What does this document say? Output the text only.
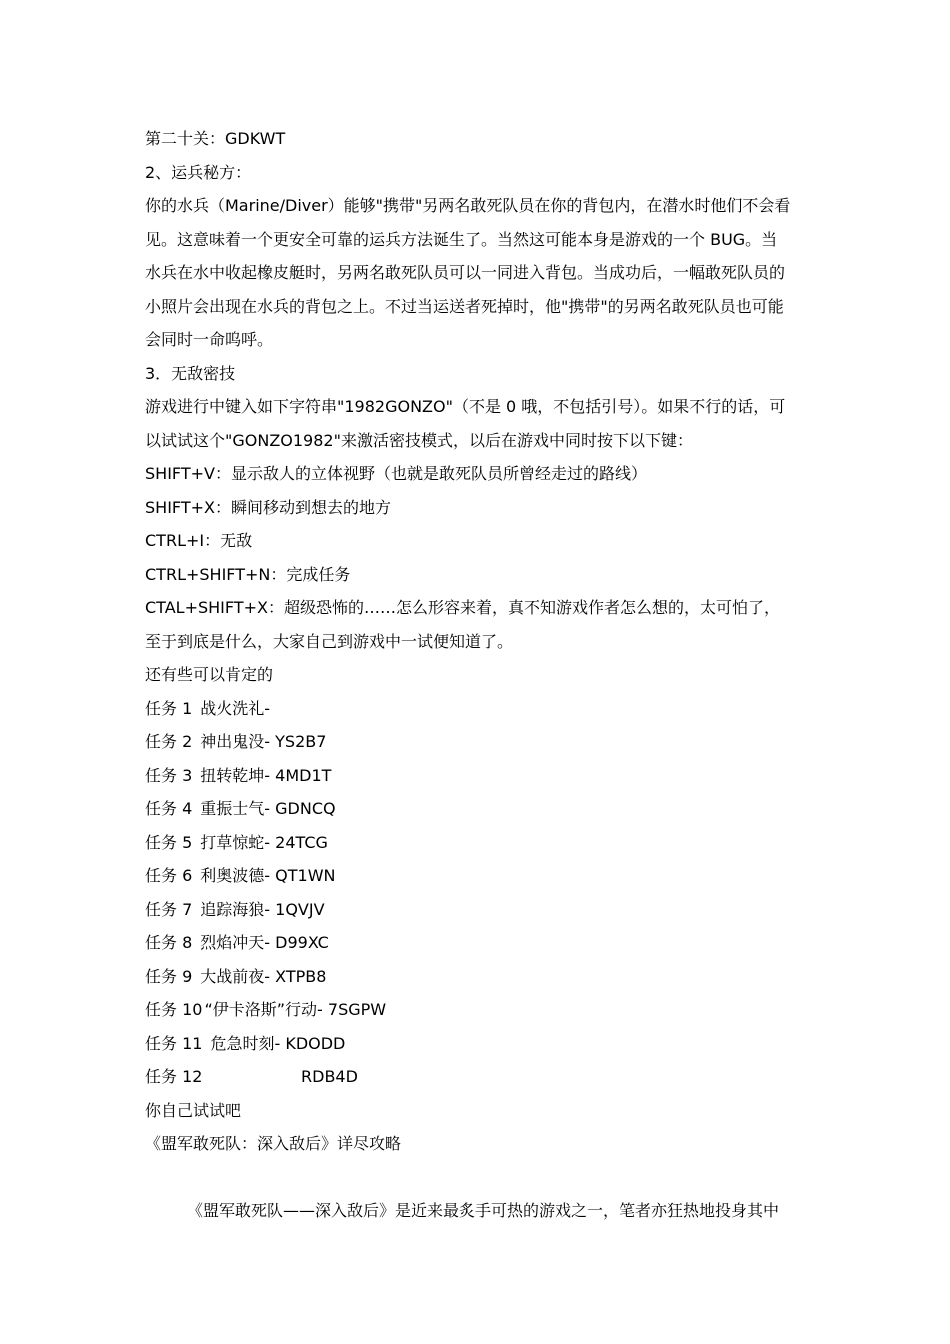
第二十关：GDKWT
2、运兵秘方：
你的水兵（Marine/Diver）能够"携带"另两名敢死队员在你的背包内，在潜水时他们不会看
见。这意味着一个更安全可靠的运兵方法诞生了。当然这可能本身是游戏的一个 BUG。当
水兵在水中收起橡皮艇时，另两名敢死队员可以一同进入背包。当成功后，一幅敢死队员的
小照片会出现在水兵的背包之上。不过当运送者死掉时，他"携带"的另两名敢死队员也可能
会同时一命呜呼。
3．无敌密技
游戏进行中键入如下字符串"1982GONZO"（不是 0 哦，不包括引号）。如果不行的话，可
以试试这个"GONZO1982"来激活密技模式，以后在游戏中同时按下以下键：
SHIFT+V：显示敌人的立体视野（也就是敢死队员所曾经走过的路线）
SHIFT+X：瞬间移动到想去的地方
CTRL+I：无敌
CTRL+SHIFT+N：完成任务
CTAL+SHIFT+X：超级恐怖的……怎么形容来着，真不知游戏作者怎么想的，太可怕了，
至于到底是什么，大家自己到游戏中一试便知道了。
还有些可以肯定的
任务 1 战火洗礼-
任务 2 神出鬼没- YS2B7
任务 3 扭转乾坤- 4MD1T
任务 4 重振士气- GDNCQ
任务 5 打草惊蛇- 24TCG
任务 6 利奥波德- QT1WN
任务 7 追踪海狼- 1QVJV
任务 8 烈焰冲天- D99XC
任务 9 大战前夜- XTPB8
任务 10 “伊卡洛斯”行动- 7SGPW
任务 11 危急时刻- KDODD
任务 12	RDB4D
你自己试试吧
《盟军敢死队：深入敌后》详尽攻略
《盟军敢死队——深入敌后》是近来最炙手可热的游戏之一，笔者亦狂热地投身其中
